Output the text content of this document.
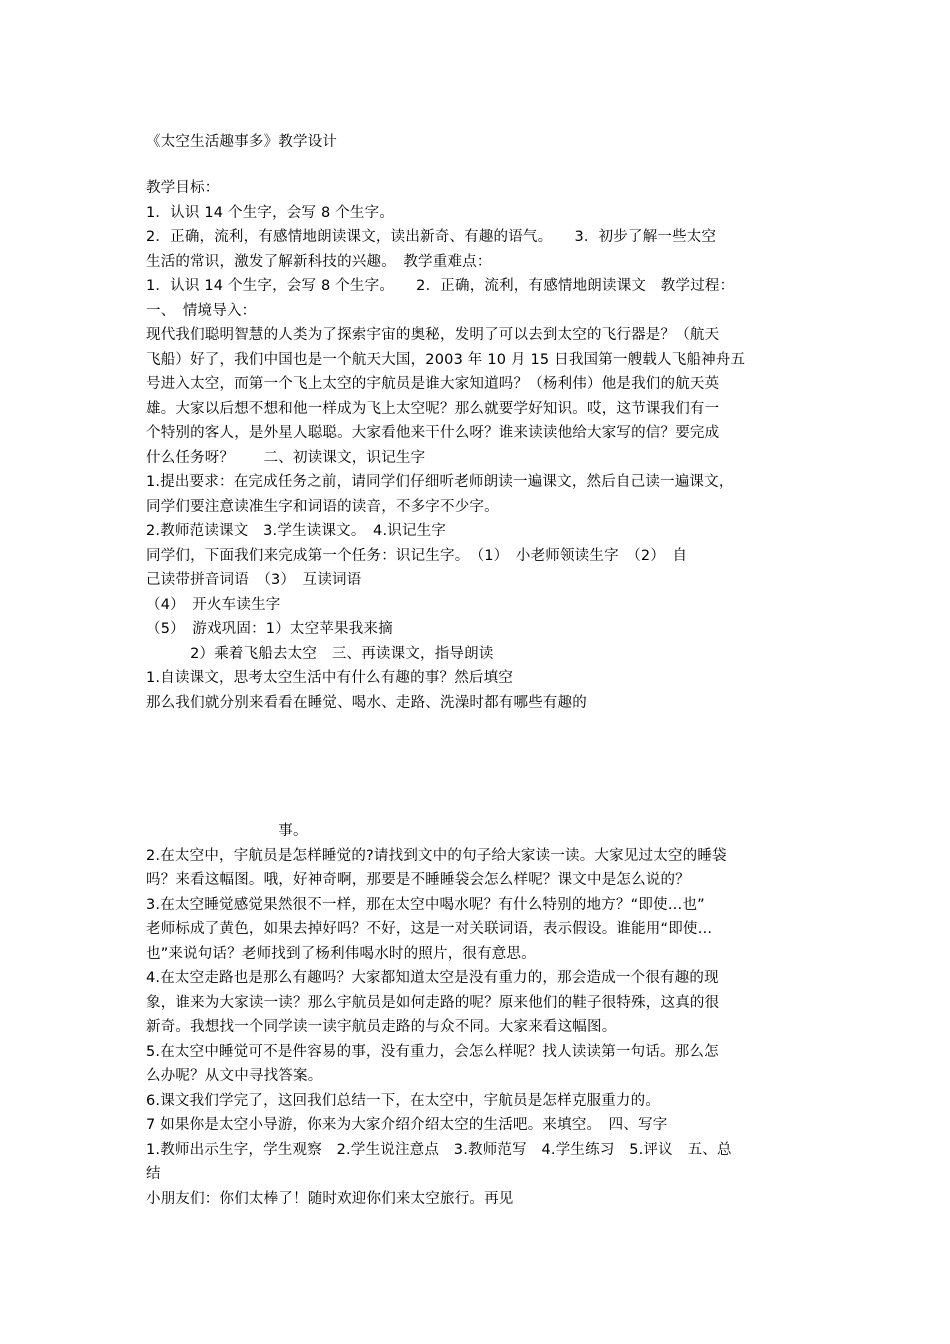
《太空生活趣事多》教学设计
教学目标：
1．认识 14 个生字，会写 8 个生字。
2．正确，流利，有感情地朗读课文，读出新奇、有趣的语气。　　3．初步了解一些太空
生活的常识，激发了解新科技的兴趣。　教学重难点：
1．认识 14 个生字，会写 8 个生字。　　2．正确，流利，有感情地朗读课文　教学过程：
一、　情境导入：
现代我们聪明智慧的人类为了探索宇宙的奥秘，发明了可以去到太空的飞行器是？（航天
飞船）好了，我们中国也是一个航天大国，2003 年 10 月 15 日我国第一艘载人飞船神舟五
号进入太空，而第一个飞上太空的宇航员是谁大家知道吗？（杨利伟）他是我们的航天英
雄。大家以后想不想和他一样成为飞上太空呢？那么就要学好知识。哎，这节课我们有一
个特别的客人，是外星人聪聪。大家看他来干什么呀？谁来读读他给大家写的信？要完成
什么任务呀？　　二、初读课文，识记生字
1.提出要求：在完成任务之前，请同学们仔细听老师朗读一遍课文，然后自己读一遍课文，
同学们要注意读准生字和词语的读音，不多字不少字。
2.教师范读课文　3.学生读课文。　4.识记生字
同学们，下面我们来完成第一个任务：识记生字。　（1）　小老师领读生字　（2）　自
己读带拼音词语　（3）　互读词语
（4）　开火车读生字
（5）　游戏巩固：1）太空苹果我来摘
　　　2）乘着飞船去太空　三、再读课文，指导朗读
1.自读课文，思考太空生活中有什么有趣的事？然后填空
那么我们就分别来看看在睡觉、喝水、走路、洗澡时都有哪些有趣的
　　　　　　　　　事。
2.在太空中，宇航员是怎样睡觉的?请找到文中的句子给大家读一读。大家见过太空的睡袋
吗？来看这幅图。哦，好神奇啊，那要是不睡睡袋会怎么样呢？课文中是怎么说的？
3.在太空睡觉感觉果然很不一样，那在太空中喝水呢？有什么特别的地方？“即使…也”
老师标成了黄色，如果去掉好吗？不好，这是一对关联词语，表示假设。谁能用“即使…
也”来说句话？老师找到了杨利伟喝水时的照片，很有意思。
4.在太空走路也是那么有趣吗？大家都知道太空是没有重力的，那会造成一个很有趣的现
象，谁来为大家读一读？那么宇航员是如何走路的呢？原来他们的鞋子很特殊，这真的很
新奇。我想找一个同学读一读宇航员走路的与众不同。大家来看这幅图。
5.在太空中睡觉可不是件容易的事，没有重力，会怎么样呢？找人读读第一句话。那么怎
么办呢？从文中寻找答案。
6.课文我们学完了，这回我们总结一下，在太空中，宇航员是怎样克服重力的。
7 如果你是太空小导游，你来为大家介绍介绍太空的生活吧。来填空。　四、写字
1.教师出示生字，学生观察　2.学生说注意点　3.教师范写　4.学生练习　5.评议　五、总
结
小朋友们：你们太棒了！随时欢迎你们来太空旅行。再见
